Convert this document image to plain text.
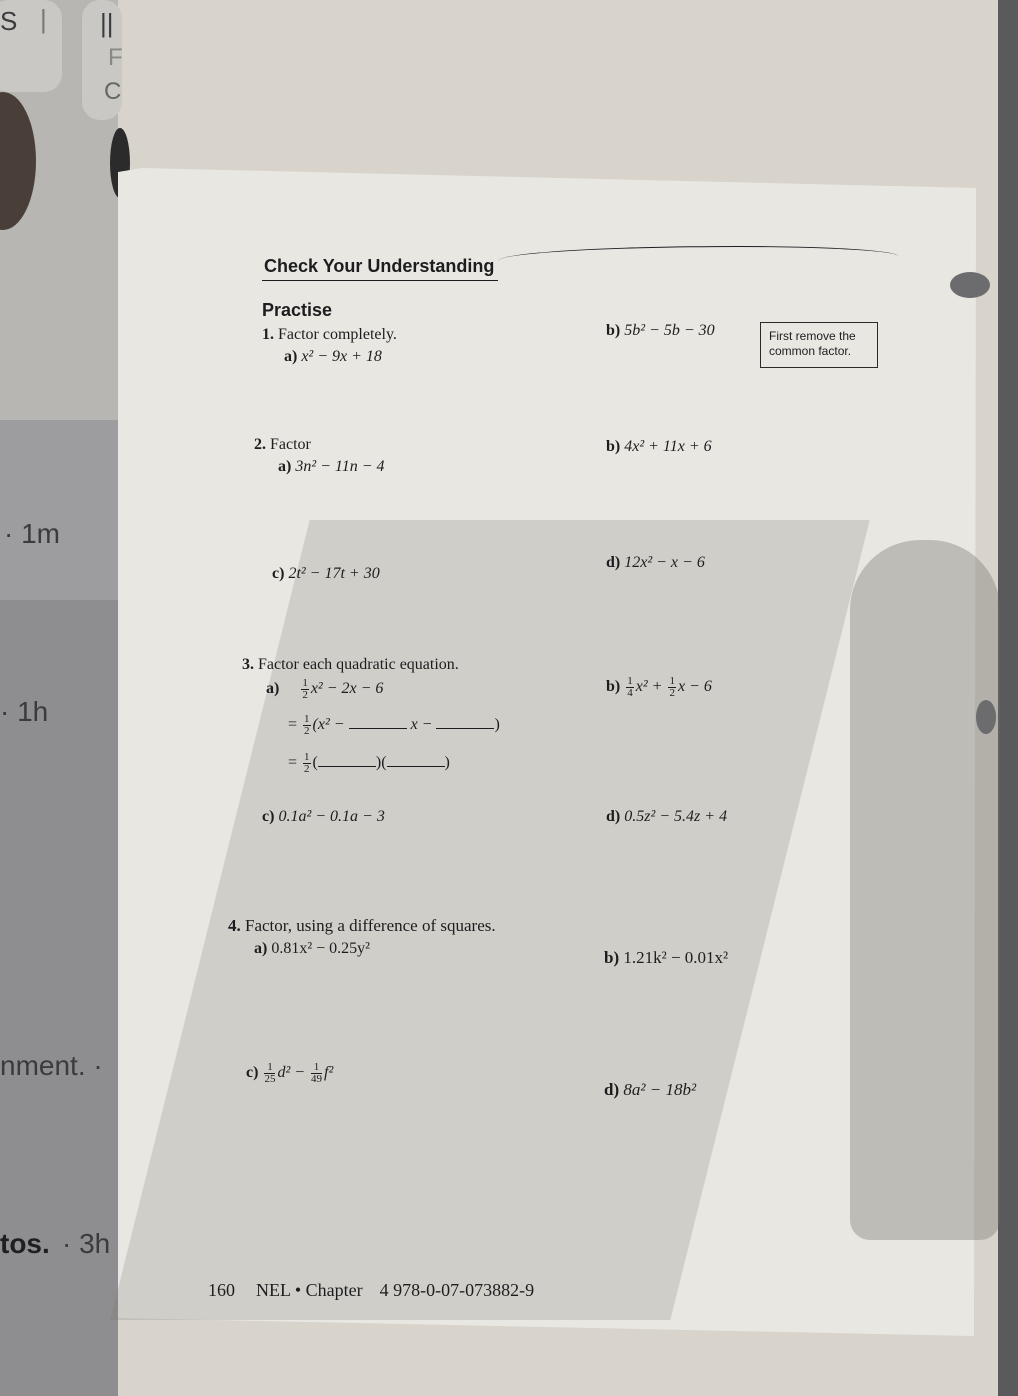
S | ||
F
C
· 1m
· 1h
nment. ·
tos. · 3h
Check Your Understanding
Practise
First remove the common factor.
1. Factor completely.
a) x² − 9x + 18
b) 5b² − 5b − 30
2. Factor
a) 3n² − 11n − 4
b) 4x² + 11x + 6
c) 2t² − 17t + 30
d) 12x² − x − 6
3. Factor each quadratic equation.
$a) \frac{1}{2} x^2 - 2x - 6$
= $\frac{1}{2} (x^2$ −	x −	)
= $\frac{1}{2}$ (	)(	)
$b) \frac{1}{4} x^2 + \frac{1}{2}$ x − 6
c) 0.1a² − 0.1a − 3	d) 0.5z² − 5.4z + 4
4. Factor, using a difference of squares.
a) 0.81x² − 0.25y²	b) 1.21k² − 0.01x²
$c) \frac{1}{25} d^2 - \frac{1}{49} f^2$
d) 8a² − 18b²
160 NEL • Chapter 4 978-0-07-073882-9
